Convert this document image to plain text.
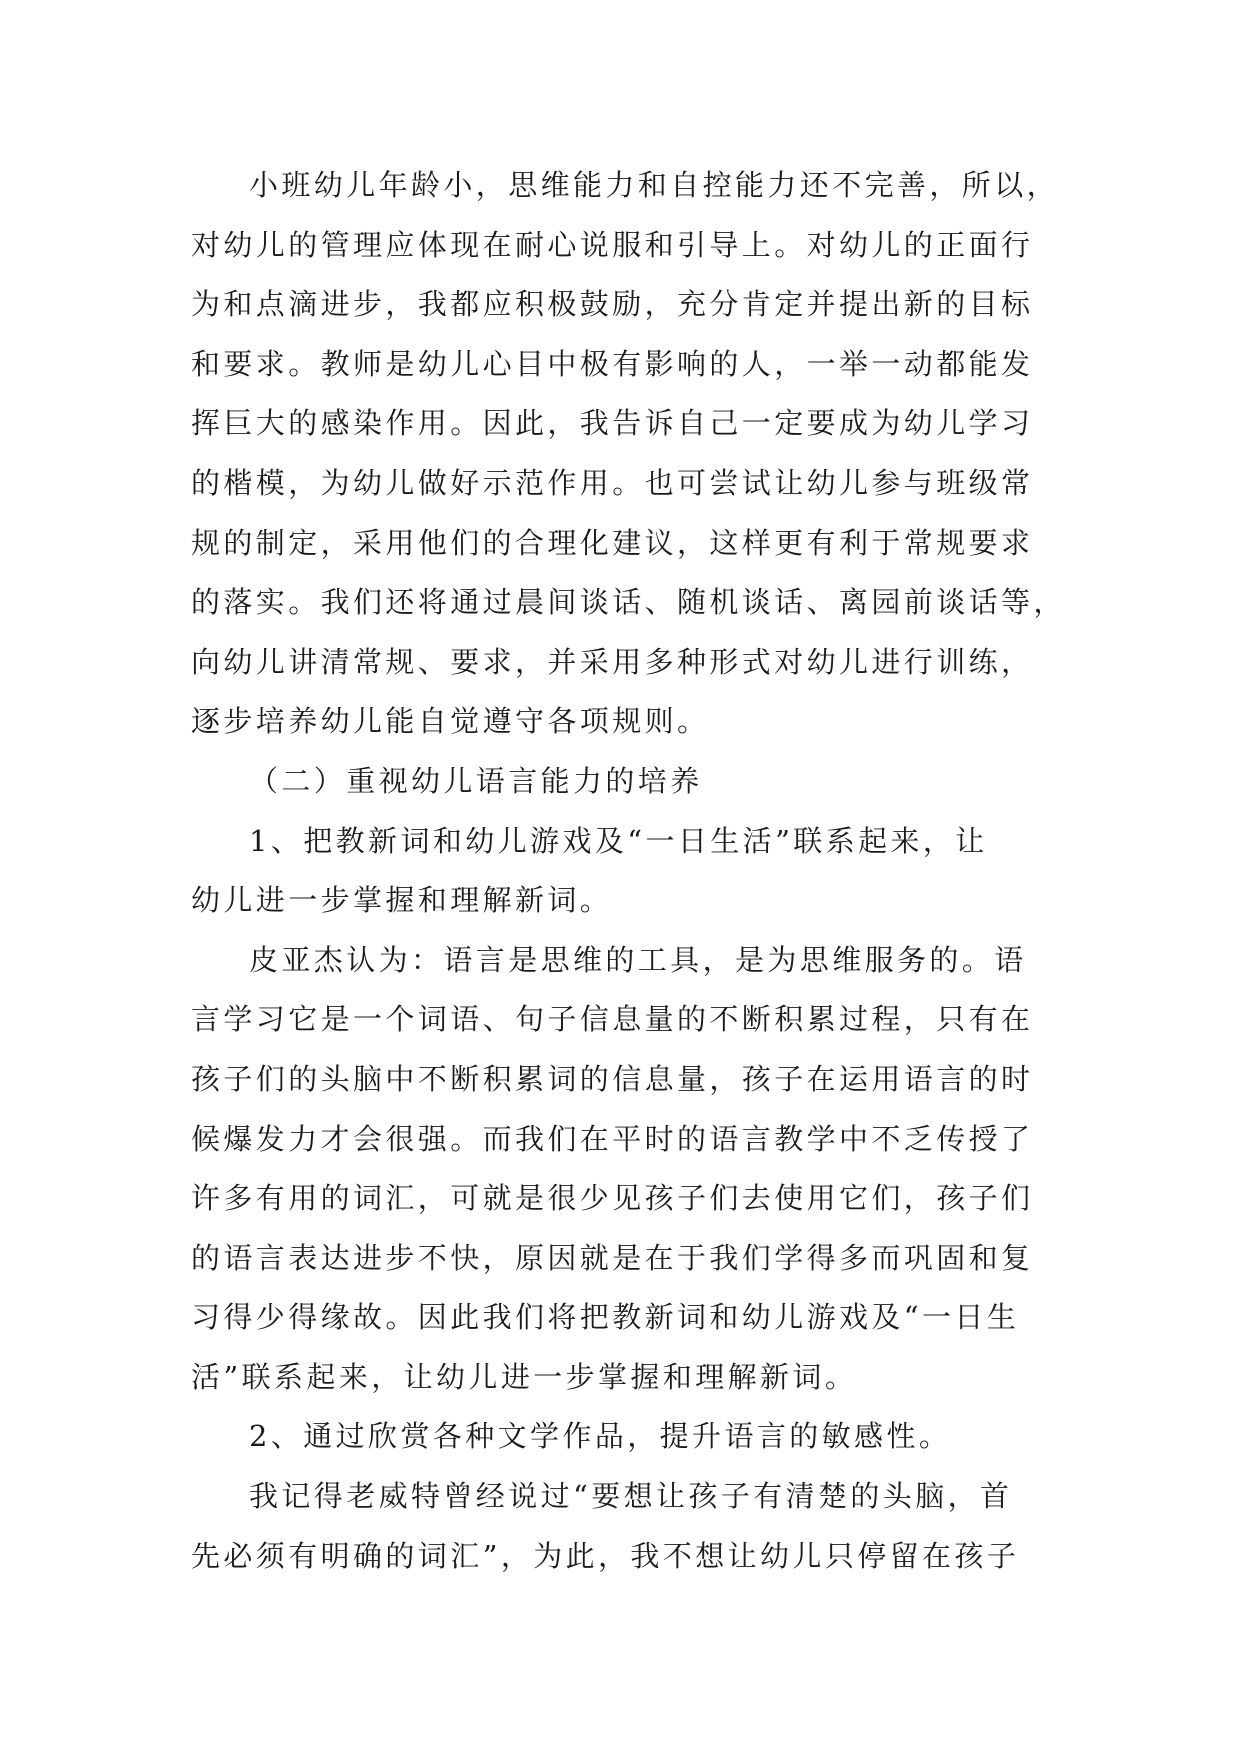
小班幼儿年龄小，思维能力和自控能力还不完善，所以，
对幼儿的管理应体现在耐心说服和引导上。对幼儿的正面行
为和点滴进步，我都应积极鼓励，充分肯定并提出新的目标
和要求。教师是幼儿心目中极有影响的人，一举一动都能发
挥巨大的感染作用。因此，我告诉自己一定要成为幼儿学习
的楷模，为幼儿做好示范作用。也可尝试让幼儿参与班级常
规的制定，采用他们的合理化建议，这样更有利于常规要求
的落实。我们还将通过晨间谈话、随机谈话、离园前谈话等，
向幼儿讲清常规、要求，并采用多种形式对幼儿进行训练，
逐步培养幼儿能自觉遵守各项规则。

（二）重视幼儿语言能力的培养

1、把教新词和幼儿游戏及“一日生活”联系起来，让
幼儿进一步掌握和理解新词。

皮亚杰认为：语言是思维的工具，是为思维服务的。语
言学习它是一个词语、句子信息量的不断积累过程，只有在
孩子们的头脑中不断积累词的信息量，孩子在运用语言的时
候爆发力才会很强。而我们在平时的语言教学中不乏传授了
许多有用的词汇，可就是很少见孩子们去使用它们，孩子们
的语言表达进步不快，原因就是在于我们学得多而巩固和复
习得少得缘故。因此我们将把教新词和幼儿游戏及“一日生
活”联系起来，让幼儿进一步掌握和理解新词。

2、通过欣赏各种文学作品，提升语言的敏感性。

我记得老威特曾经说过“要想让孩子有清楚的头脑，首
先必须有明确的词汇”，为此，我不想让幼儿只停留在孩子
